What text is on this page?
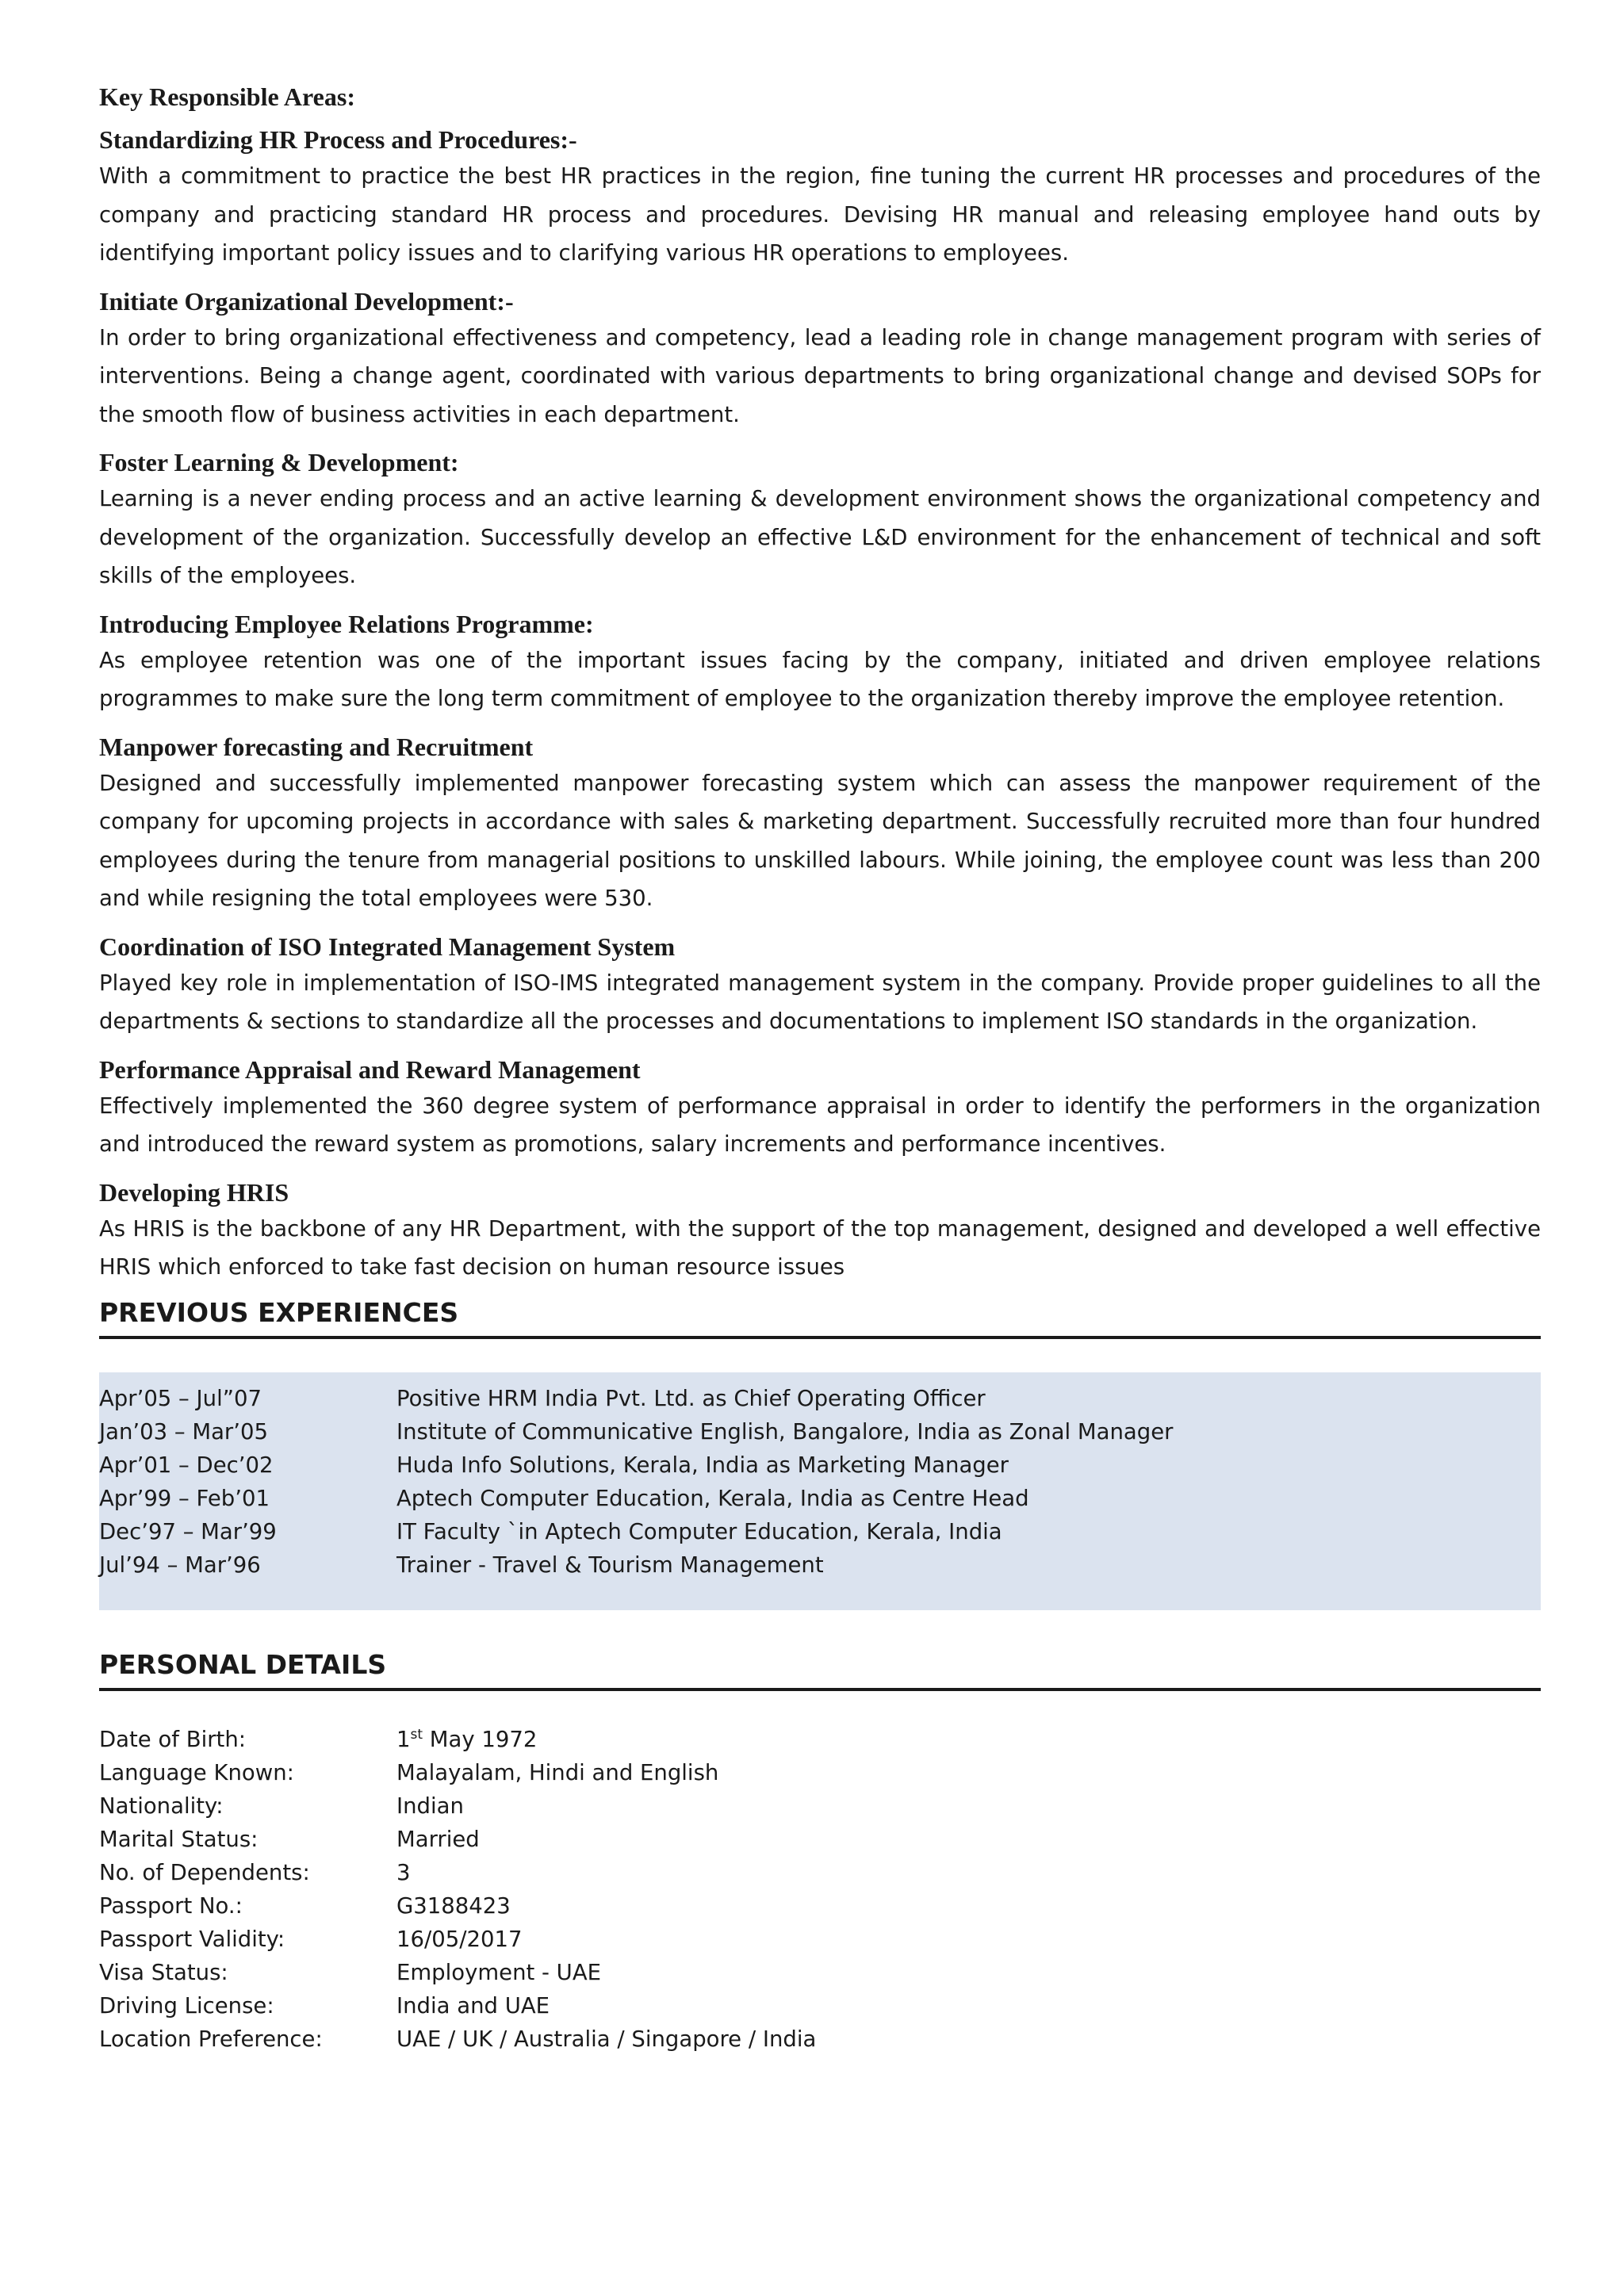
Key Responsible Areas:
Standardizing HR Process and Procedures:-

With a commitment to practice the best HR practices in the region, fine tuning the current HR processes and procedures of the company and practicing standard HR process and procedures. Devising HR manual and releasing employee hand outs by identifying important policy issues and to clarifying various HR operations to employees.

Initiate Organizational Development:-

In order to bring organizational effectiveness and competency, lead a leading role in change management program with series of interventions. Being a change agent, coordinated with various departments to bring organizational change and devised SOPs for the smooth flow of business activities in each department.

Foster Learning & Development:

Learning is a never ending process and an active learning & development environment shows the organizational competency and development of the organization. Successfully develop an effective L&D environment for the enhancement of technical and soft skills of the employees.

Introducing Employee Relations Programme:

As employee retention was one of the important issues facing by the company, initiated and driven employee relations programmes to make sure the long term commitment of employee to the organization thereby improve the employee retention.

Manpower forecasting and Recruitment

Designed and successfully implemented manpower forecasting system which can assess the manpower requirement of the company for upcoming projects in accordance with sales & marketing department. Successfully recruited more than four hundred employees during the tenure from managerial positions to unskilled labours. While joining, the employee count was less than 200 and while resigning the total employees were 530.

Coordination of ISO Integrated Management System

Played key role in implementation of ISO-IMS integrated management system in the company. Provide proper guidelines to all the departments & sections to standardize all the processes and documentations to implement ISO standards in the organization.

Performance Appraisal and Reward Management

Effectively implemented the 360 degree system of performance appraisal in order to identify the performers in the organization and introduced the reward system as promotions, salary increments and performance incentives.

Developing HRIS

As HRIS is the backbone of any HR Department, with the support of the top management, designed and developed a well effective HRIS which enforced to take fast decision on human resource issues

PREVIOUS EXPERIENCES
Apr’05 – Jul”07	Positive HRM India Pvt. Ltd. as Chief Operating Officer
Jan’03 – Mar’05	Institute of Communicative English, Bangalore, India as Zonal Manager
Apr’01 – Dec’02	Huda Info Solutions, Kerala, India as Marketing Manager
Apr’99 – Feb’01	Aptech Computer Education, Kerala, India as Centre Head
Dec’97 – Mar’99	IT Faculty `in Aptech Computer Education, Kerala, India
Jul’94 – Mar’96	Trainer - Travel & Tourism Management
PERSONAL DETAILS
Date of Birth:	1st May 1972
Language Known:	Malayalam, Hindi and English
Nationality:	Indian
Marital Status:	Married
No. of Dependents:	3
Passport No.:	G3188423
Passport Validity:	16/05/2017
Visa Status:	Employment - UAE
Driving License:	India and UAE
Location Preference:	UAE / UK / Australia / Singapore / India
